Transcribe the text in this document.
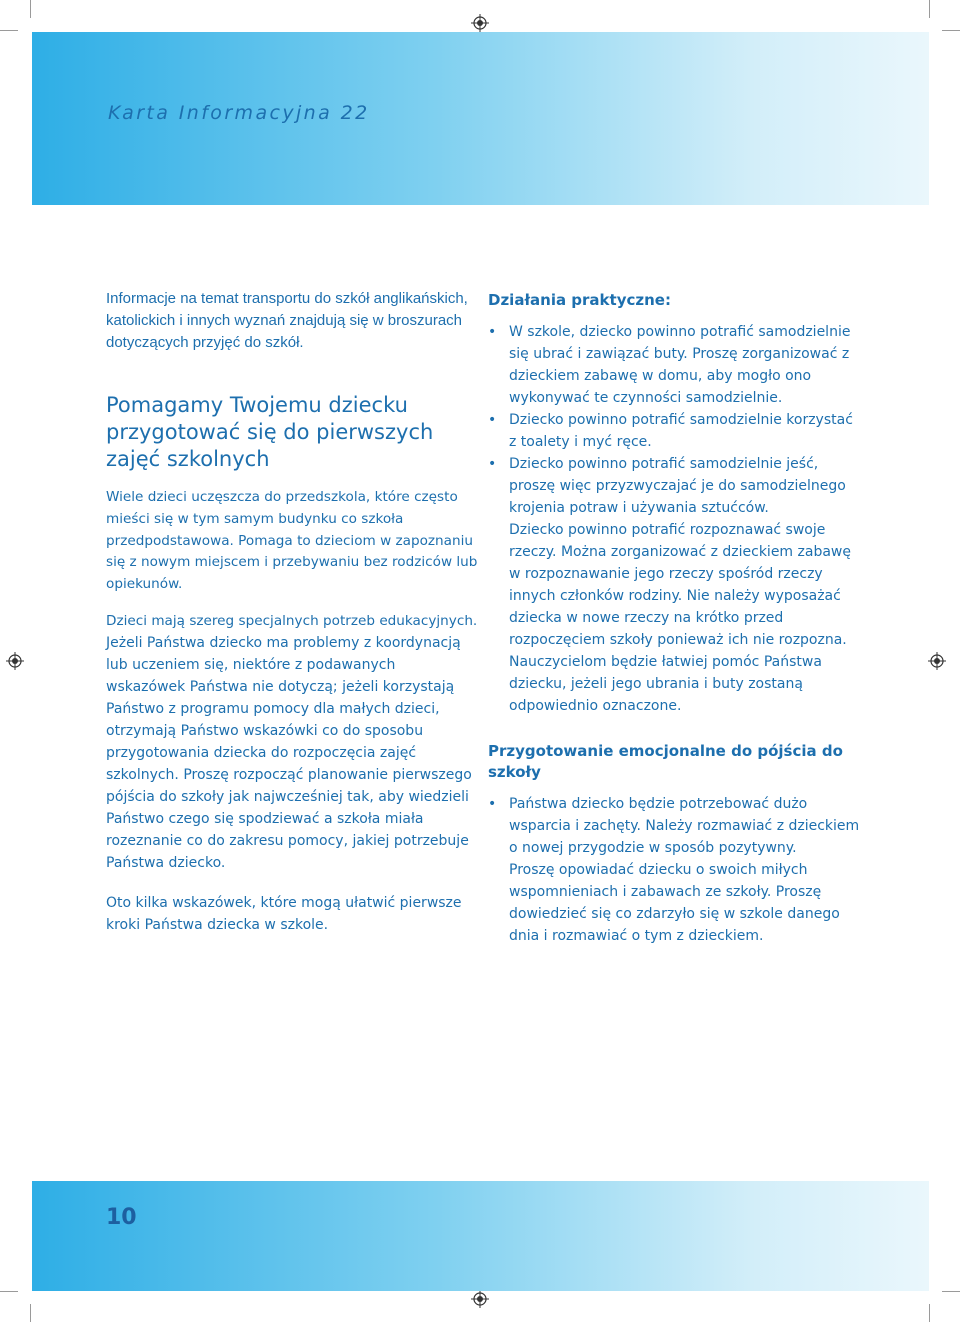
Karta Informacyjna 22

Informacje na temat transportu do szkół anglikańskich, katolickich i innych wyznań znajdują się w broszurach dotyczących przyjęć do szkół.

Pomagamy Twojemu dziecku przygotować się do pierwszych zajęć szkolnych

Wiele dzieci uczęszcza do przedszkola, które często mieści się w tym samym budynku co szkoła przedpodstawowa. Pomaga to dzieciom w zapoznaniu się z nowym miejscem i przebywaniu bez rodziców lub opiekunów.

Dzieci mają szereg specjalnych potrzeb edukacyjnych. Jeżeli Państwa dziecko ma problemy z koordynacją lub uczeniem się, niektóre z podawanych wskazówek Państwa nie dotyczą; jeżeli korzystają Państwo z programu pomocy dla małych dzieci, otrzymają Państwo wskazówki co do sposobu przygotowania dziecka do rozpoczęcia zajęć szkolnych. Proszę rozpocząć planowanie pierwszego pójścia do szkoły jak najwcześniej tak, aby wiedzieli Państwo czego się spodziewać a szkoła miała rozeznanie co do zakresu pomocy, jakiej potrzebuje Państwa dziecko.

Oto kilka wskazówek, które mogą ułatwić pierwsze kroki Państwa dziecka w szkole.

Działania praktyczne:
• W szkole, dziecko powinno potrafić samodzielnie się ubrać i zawiązać buty. Proszę zorganizować z dzieckiem zabawę w domu, aby mogło ono wykonywać te czynności samodzielnie.
• Dziecko powinno potrafić samodzielnie korzystać z toalety i myć ręce.
• Dziecko powinno potrafić samodzielnie jeść, proszę więc przyzwyczajać je do samodzielnego krojenia potraw i używania sztućców.
Dziecko powinno potrafić rozpoznawać swoje rzeczy. Można zorganizować z dzieckiem zabawę w rozpoznawanie jego rzeczy spośród rzeczy innych członków rodziny. Nie należy wyposażać dziecka w nowe rzeczy na krótko przed rozpoczęciem szkoły ponieważ ich nie rozpozna. Nauczycielom będzie łatwiej pomóc Państwa dziecku, jeżeli jego ubrania i buty zostaną odpowiednio oznaczone.
Przygotowanie emocjonalne do pójścia do szkoły
• Państwa dziecko będzie potrzebować dużo wsparcia i zachęty. Należy rozmawiać z dzieckiem o nowej przygodzie w sposób pozytywny.
Proszę opowiadać dziecku o swoich miłych wspomnieniach i zabawach ze szkoły. Proszę dowiedzieć się co zdarzyło się w szkole danego dnia i rozmawiać o tym z dzieckiem.
10
